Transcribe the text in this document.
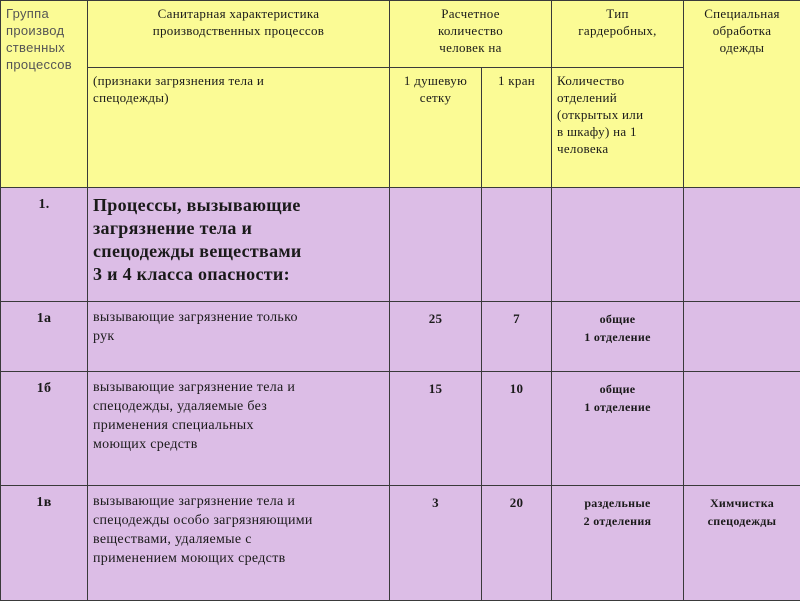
Группа
производ
ственных
процессов	Санитарная характеристика
производственных процессов	Расчетное
количество
человек на		Тип
гардеробных,	Специальная
обработка
одежды

	(признаки загрязнения тела и
спецодежды)	1 душевую
сетку	1 кран	Количество
отделений
(открытых или
в шкафу) на 1
человека	

1.	Процессы, вызывающие
загрязнение тела и
спецодежды веществами
3 и 4 класса опасности:				

1а	вызывающие загрязнение только
рук	25	7	общие
1 отделение	

1б	вызывающие загрязнение тела и
спецодежды, удаляемые без
применения специальных
моющих средств	15	10	общие
1 отделение	

1в	вызывающие загрязнение тела и
спецодежды особо загрязняющими
веществами, удаляемые с
применением моющих средств	3	20	раздельные
2 отделения	Химчистка
спецодежды
